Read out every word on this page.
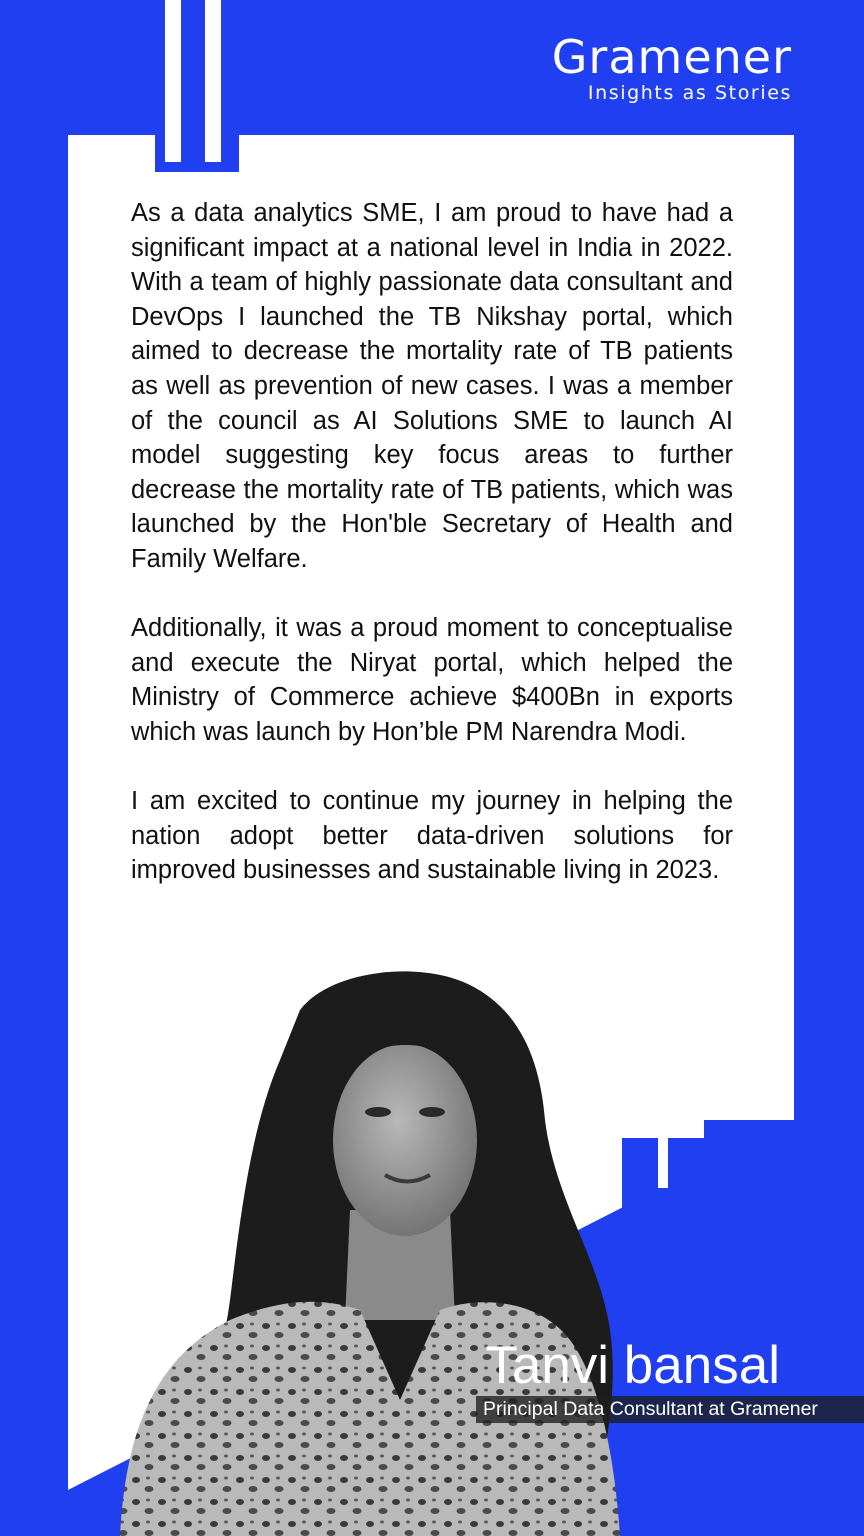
Gramener
Insights as Stories

As a data analytics SME, I am proud to have had a significant impact at a national level in India in 2022. With a team of highly passionate data consultant and DevOps I launched the TB Nikshay portal, which aimed to decrease the mortality rate of TB patients as well as prevention of new cases. I was a member of the council as AI Solutions SME to launch AI model suggesting key focus areas to further decrease the mortality rate of TB patients, which was launched by the Hon'ble Secretary of Health and Family Welfare.

Additionally, it was a proud moment to conceptualise and execute the Niryat portal, which helped the Ministry of Commerce achieve $400Bn in exports which was launch by Hon’ble PM Narendra Modi.

I am excited to continue my journey in helping the nation adopt better data-driven solutions for improved businesses and sustainable living in 2023.

Tanvi bansal
Principal Data Consultant at Gramener
